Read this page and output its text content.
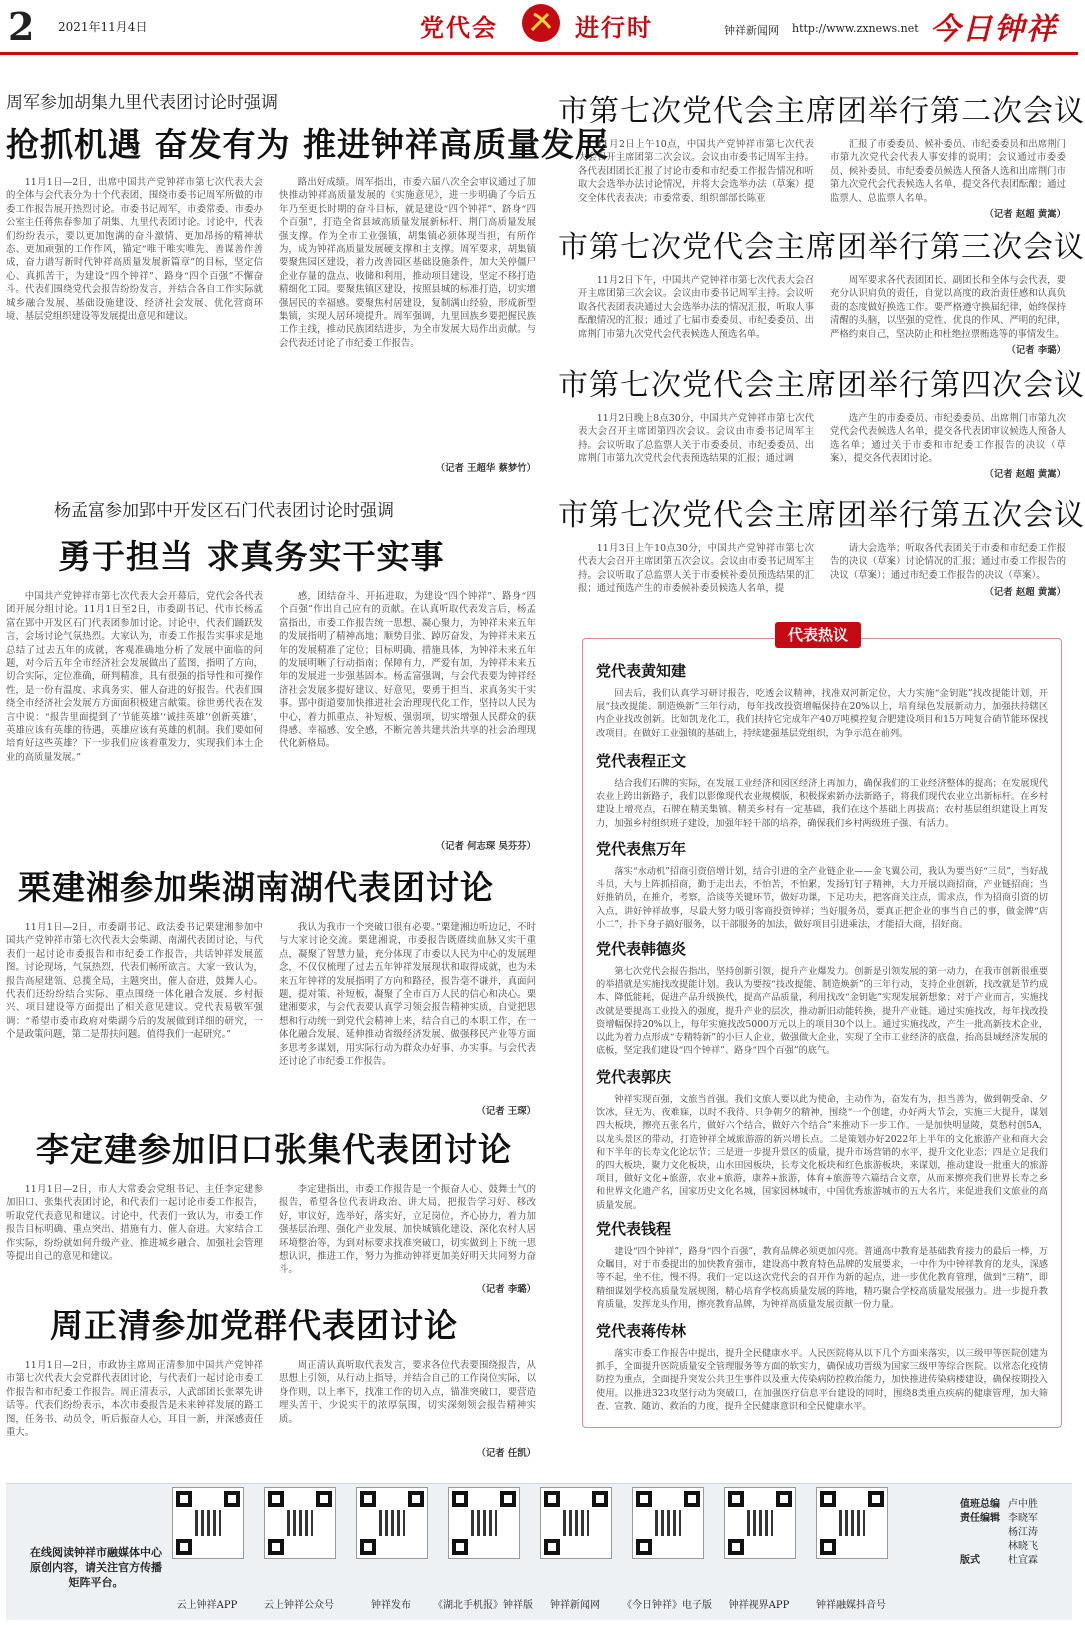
2 2021年11月4日	党代会	进行时	钟祥新闻网 http://www.zxnews.net 今日钟祥
周军参加胡集九里代表团讨论时强调
抢抓机遇 奋发有为 推进钟祥高质量发展

11月1日—2日，出席中国共产党钟祥市第七次代表大会的全体与会代表分为十个代表团，围绕市委书记周军所做的市委工作报告展开热烈讨论。市委书记周军，市委常委、市委办公室主任蒋焦春参加了胡集、九里代表团讨论。讨论中，代表们纷纷表示，要以更加饱满的奋斗激情、更加昂扬的精神状态、更加顽强的工作作风，锚定“唯干唯实唯先、善谋善作善成，奋力谱写新时代钟祥高质量发展新篇章”的目标，坚定信心、真抓苦干，为建设“四个钟祥”、路身“四个百强”不懈奋斗。代表们围绕党代会报告纷纷发言，并结合各自工作实际就城乡融合发展、基础设施建设、经济社会发展、优化营商环境、基层党组织建设等发展提出意见和建议。

路出好成绩。周军指出，市委六届八次全会审议通过了加快推动钟祥高质量发展的《实施意见》，进一步明确了今后五年乃至更长时期的奋斗目标，就是建设“四个钟祥”、跻身“四个百强”，打造全省县域高质量发展新标杆、荆门高质量发展强支撑。作为全市工业强镇，胡集镇必须体现当担，有所作为，成为钟祥高质量发展硬支撑和主支撑。周军要求，胡集镇要聚焦园区建设，着力改善园区基础设施条件，加大关停僵尸企业存量的盘点、收储和利用，推动项目建设，坚定不移打造精细化工园。要聚焦镇区建设，按照县城的标准打造，切实增强居民的幸福感。要聚焦村居建设，复制满山经验，形成新型集镇，实现人居环境提升。周军强调，九里回族乡要把握民族工作主线，推动民族团结进步，为全市发展大局作出贡献。与会代表还讨论了市纪委工作报告。

（记者 王超华 蔡梦竹）
杨孟富参加郢中开发区石门代表团讨论时强调
勇于担当 求真务实干实事

中国共产党钟祥市第七次代表大会开幕后，党代会各代表团开展分组讨论。11月1日至2日，市委副书记、代市长杨孟富在郢中开发区石门代表团参加讨论。讨论中，代表们踊跃发言，会场讨论气氛热烈。大家认为，市委工作报告实事求是地总结了过去五年的成就，客观准确地分析了发展中面临的问题，对今后五年全市经济社会发展做出了蓝图，指明了方向，切合实际，定位准确，研判精准，具有很强的指导性和可操作性，是一份有温度、求真务实、催人奋进的好报告。代表们围绕全市经济社会发展方方面面积极建言献策。徐世勇代表在发言中说：“报告里面提到了‘节能英雄’‘诚挂英雄’‘创新英雄’，英雄应该有英雄的待遇，英雄应该有英雄的机制。我们要如何培育好这些英雄？下一步我们应该着重发力，实现我们本土企业的高质量发展。”

感，团结奋斗、开拓进取，为建设“四个钟祥”、路身“四个百强”作出自己应有的贡献。在认真听取代表发言后，杨孟富指出，市委工作报告统一思想、凝心聚力，为钟祥未来五年的发展指明了精神高地；顺势目张、踔厉奋发，为钟祥未来五年的发展精准了定位；目标明确、措施具体，为钟祥未来五年的发展明晰了行动指南；保障有力，严爱有加，为钟祥未来五年的发展进一步强基固本。杨孟富强调，与会代表要为钟祥经济社会发展多提好建议、好意见，要勇于担当、求真务实干实事。郢中街道要加快推进社会治理现代化工作，坚持以人民为中心，着力抓重点、补短板、强弱项，切实增强人民群众的获得感、幸福感、安全感，不断完善共建共治共享的社会治理现代化新格局。

（记者 何志琛 吴芬芬）
栗建湘参加柴湖南湖代表团讨论

11月1日—2日，市委副书记、政法委书记栗建湘参加中国共产党钟祥市第七次代表大会柴湖、南湖代表团讨论，与代表们一起讨论市委报告和市纪委工作报告，共话钟祥发展蓝图。讨论现场，气氛热烈，代表们畅所欲言。大家一致认为，报告高屋建瓴、总揽全局，主题突出，催人奋进，鼓舞人心。代表们还纷纷结合实际、重点围绕一体化融合发展、乡村振兴、项目建设等方面提出了相关意见建议。党代表易敬军强调：“希望市委市政府对柴湖今后的发展做到详细的研究，一个是政策问题，第二是帮扶问题。值得我们一起研究。”

我认为我市一个突破口很有必要。”栗建湘边听边记，不时与大家讨论交流。栗建湘说，市委报告既赓续血脉又实干重点，凝聚了智慧力量，充分体现了市委以人民为中心的发展理念，不仅仅梳理了过去五年钟祥发展现状和取得成就，也为未来五年钟祥的发展指明了方向和路径，报告毫不谦并，真面问题，提对策、补短板，凝聚了全市百万人民的信心和决心。栗建湘要求，与会代表要认真学习领会报告精神实质，自觉把思想和行动统一到党代会精神上来，结合自己的本职工作，在一体化融合发展、延伸推动省级经济发展、做强移民产业等方面多思考多谋划，用实际行动为群众办好事、办实事。与会代表还讨论了市纪委工作报告。

（记者 王琛）
李定建参加旧口张集代表团讨论

11月1日—2日，市人大常委会党组书记、主任李定建参加旧口、张集代表团讨论，和代表们一起讨论市委工作报告，听取党代表意见和建议。讨论中，代表们一致认为，市委工作报告目标明确、重点突出、措施有力、催人奋进。大家结合工作实际，纷纷就如何升级产业、推进城乡融合、加强社会管理等提出自己的意见和建议。

李定建指出，市委工作报告是一个振奋人心、鼓舞士气的报告，希望各位代表讲政治、讲大局，把报告学习好、移改好，审议好，选举好，落实好，立足岗位，齐心协力，着力加强基层治理、强化产业发展、加快城镇化建设、深化农村人居环境整治等，为到对标要求找准突破口，切实做到上下统一思想认识，推进工作，努力为推动钟祥更加美好明天共同努力奋斗。

（记者 李璐）
周正清参加党群代表团讨论

11月1日—2日，市政协主席周正清参加中国共产党钟祥市第七次代表大会党群代表团讨论，与代表们一起讨论市委工作报告和市纪委工作报告。周正清表示，人武部团长张翠先讲话等。代表们纷纷表示，本次市委报告是未来钟祥发展的路工图，任务书、动员令，听后振奋人心，耳目一新，并深感责任重大。

周正清认真听取代表发言，要求各位代表要围绕报告，从思想上引领，从行动上指导，并结合自己的工作岗位实际，以身作则，以上率下，找准工作的切入点，锚准突破口，要营造埋头苦干、少说实干的浓厚氛围，切实深刻领会报告精神实质。

（记者 任凯）
市第七次党代会主席团举行第二次会议

11月2日上午10点，中国共产党钟祥市第七次代表大会召开主席团第二次会议。会议由市委书记周军主持。各代表团团长汇报了讨论市委和市纪委工作报告情况和听取大会选举办法讨论情况，并将大会选举办法（草案）提交全体代表表决；市委常委、组织部部长陈亚

汇报了市委委员、候补委员、市纪委委员和出席荆门市第九次党代会代表人事安排的说明；会议通过市委委员、候补委员、市纪委委员候选人预备人选和出席荆门市第九次党代会代表候选人名单，提交各代表团酝酿；通过监票人、总监票人名单。

（记者 赵超 黄嵩）
市第七次党代会主席团举行第三次会议

11月2日下午，中国共产党钟祥市第七次代表大会召开主席团第三次会议。会议由市委书记周军主持。会议听取各代表团表决通过大会选举办法的情况汇报，听取人事酝酿情况的汇报；通过了七届市委委员、市纪委委员、出席荆门市第九次党代会代表候选人预选名单。

周军要求各代表团团长、副团长和全体与会代表，要充分认识肩负的责任，自觉以高度的政治责任感和认真负责的态度做好换选工作。要严格遵守换届纪律，始终保持清醒的头脑，以坚强的党性、优良的作风、严明的纪律，严格约束自己，坚决防止和杜绝拉票贿选等的事情发生。

（记者 李璐）
市第七次党代会主席团举行第四次会议

11月2日晚上8点30分，中国共产党钟祥市第七次代表大会召开主席团第四次会议。会议由市委书记周军主持。会议听取了总监票人关于市委委员、市纪委委员、出席荆门市第九次党代会代表预选结果的汇报；通过调

选产生的市委委员、市纪委委员、出席荆门市第九次党代会代表候选人名单，提交各代表团审议候选人预备人选名单；通过关于市委和市纪委工作报告的决议（草案），提交各代表团讨论。

（记者 赵超 黄嵩）
市第七次党代会主席团举行第五次会议

11月3日上午10点30分，中国共产党钟祥市第七次代表大会召开主席团第五次会议。会议由市委书记周军主持。会议听取了总监票人关于市委候补委员预选结果的汇报；通过预选产生的市委候补委员候选人名单，提

请大会选举；听取各代表团关于市委和市纪委工作报告的决议（草案）讨论情况的汇报；通过市委工作报告的决议（草案）；通过市纪委工作报告的决议（草案）。

（记者 赵超 黄嵩）
代表热议
党代表黄知建

回去后，我们认真学习研讨报告，吃透会议精神，找准双河新定位，大力实施“金钥匙”找改提能计划，开展“技改提能、制造焕新”三年行动，每年找改投资增幅保持在20%以上，培育绿色发展新动力，加强扶持辖区内企业找改创新。比如凯龙化工，我们扶持它完成年产40万吨模控复合肥建设项目和15万吨复合硝节能环保找改项目。在做好工业强镇的基础上，持续建强基层党组织，为争示范在前列。

党代表程正文

结合我们石牌的实际，在发展工业经济和园区经济上再加力，确保我们的工业经济整体的提高；在发展现代农业上跨出新路子，我们以影像现代农业规模版，积极探索新办法新路子，将我们现代农业立出新标杆。在乡村建设上增亮点，石牌在精美集镇、精美乡村有一定基础，我们在这个基础上再拔高；农村基层组织建设上再发力，加强乡村组织班子建设，加强年轻干部的培养，确保我们乡村两级班子强、有活力。

党代表焦万年

落实“水动机”招商引资倍增计划，结合引进的全产业链企业——金飞翼公司，我认为要当好“三员”，当好战斗员，大与上阵抓招商，勤于走出去，不怕苦，不怕累，发扬钉钉子精神，大力开展以商招商，产业链招商；当好推销员，在推介，考察，洽谈等关键环节，做好功课，下足功夫，把客商关注点，需求点，作为招商引资的切入点，讲好钟祥故事，尽最大努力吸引客商投资钟祥；当好服务员，要真正把企业的事当自己的事，做金牌“店小二”，扑下身子搞好服务，以干部服务的加法，做好项目引进乘法，才能招大商，招好商。

党代表韩德炎

第七次党代会报告指出，坚持创新引领，提升产业爆发力。创新是引领发展的第一动力，在我市创新很重要的举措就是实施找改提能计划。我认为要按“技改提能、制造焕新”的三年行动，支持企业创新，找改就是节约成本、降低能耗，促进产品升级换代，提高产品质量，利用找改“金钥匙”实现发展新想象；对于产业而言，实施找改就是要提高工业投入的强度，提升产业的层次，推动新旧动能转换，提升产业链。通过实施找改，每年找改投资增幅保持20%以上，每年实施找改5000万元以上的项目30个以上。通过实施找改，产生一批高新技术企业，以此为着力点形成“专精特新”的小巨人企业，做强做大企业，实现了全市工业经济的底盘，抬高县域经济发展的底板，坚定我们建设“四个钟祥”、路身“四个百强”的底气。

党代表郭庆

钟祥实现百强，文旅当首强。我们文旅人要以此为使命，主动作为，奋发有为，担当善为，做到朝受命、夕饮冰，昼无为、夜难寐，以时不我待、只争朝夕的精神，围绕“一个创建，办好两大节会，实施三大提升，谋划四大板块，擦亮五张名片，做好六个结合，做好六个结合”来推动下一步工作。一是加快明显陵，莫愁村创5A，以龙头景区的带动，打造钟祥全域旅游游的新兴增长点。二是策划办好2022年上半年的文化旅游产业和商大会和下半年的长寿文化论坛节；三是进一步提升景区的质量，提升市场营销的水平，提升文化业态；四是立足我们的四大板块，聚力文化板块，山水田园板块，长寿文化板块和红色旅游板块，来谋划，推动建设一批重大的旅游项目，做好文化+旅游，农业+旅游，康养+旅游，体育+旅游等六篇结合文章，从而来擦亮我们世界长寿之乡和世界文化遗产名，国家历史文化名城，国家园林城市，中国优秀旅游城市的五大名片，来促进我们文旅业的高质量发展。

党代表钱程

建设“四个钟祥”，路身“四个百强”，教育品牌必须更加闪亮。普通高中教育是基础教育接力的最后一棒，万众瞩目，对于市委提出的加快教育强市，建设高中教育特色品牌的发展要求，一中作为中钟祥教育的龙头，深感等不起，坐不住，慢不得。我们一定以这次党代会的召开作为新的起点，进一步优化教育管理，做到“三精”，即精细谋划学校高质量发展规图，精心培育学校高质量发展的阵地，精巧聚合学校高质量发展强力。进一步提升教育质量，发挥龙头作用，擦亮教育品牌，为钟祥高质量发展贡献一份力量。

党代表蒋传林

落实市委工作报告中提出，提升全民健康水平。人民医院将从以下几个方面来落实，以三级甲等医院创建为抓手，全面提升医院质量安全管理服务等方面的软实力，确保成功晋级为国家三级甲等综合医院。以常态化疫情防控为重点，全面提升突发公共卫生事件以及重大传染病防控救治能力，加快推进传染病楼建设，确保按期投入使用。以推进323攻坚行动为突破口，在加强医疗信息平台建设的同时，围绕8类重点疾病的健康管理，加大筛查、宣教、随访、救治的力度，提升全民健康意识和全民健康水平。

在线阅读钟祥市融媒体中心原创内容，请关注官方传播矩阵平台。
云上钟祥APP	云上钟祥公众号	钟祥发布	《湖北手机报》钟祥版	钟祥新闻网	《今日钟祥》电子版	钟祥视界APP	钟祥融媒抖音号
值班总编 卢中胜
责任编辑 李晓军
杨江涛
林晓飞
版式	杜宜霖
